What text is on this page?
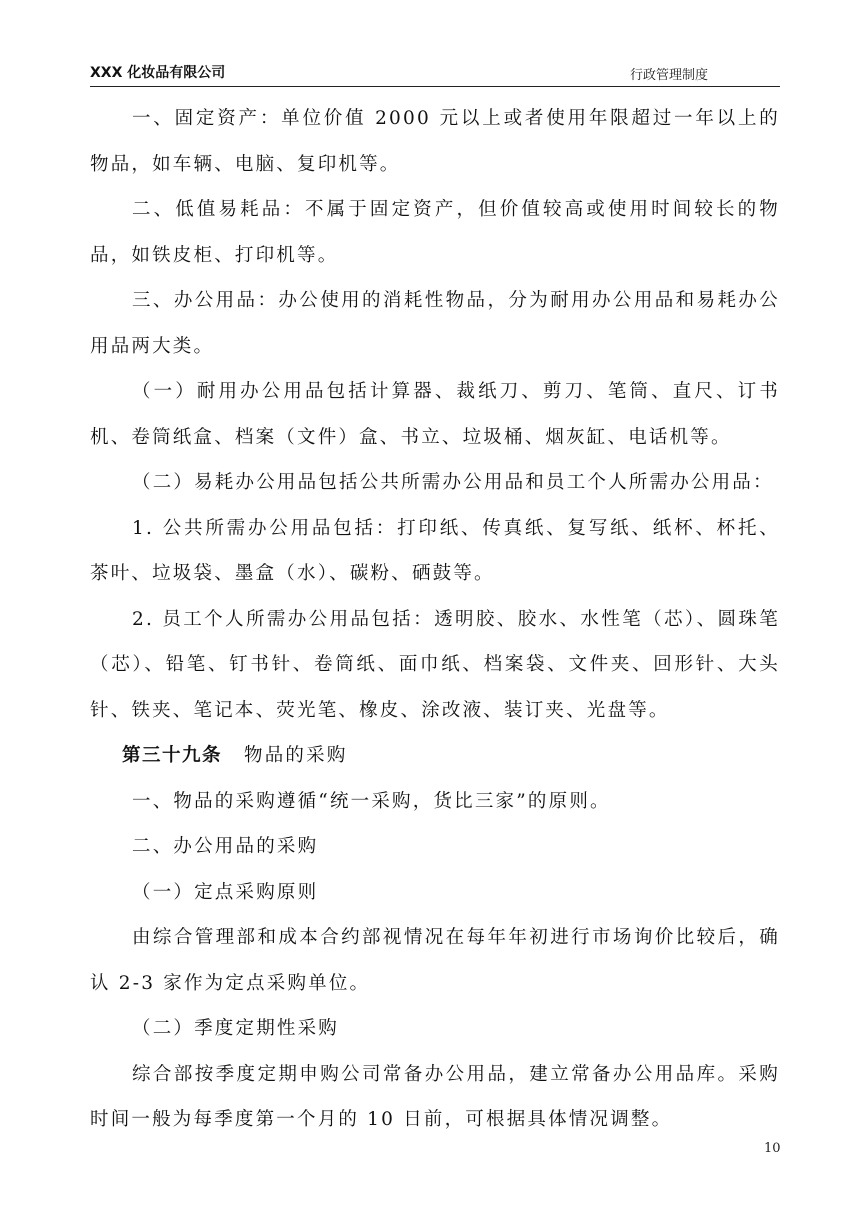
XXX 化妆品有限公司	行政管理制度

一、固定资产：单位价值 2000 元以上或者使用年限超过一年以上的物品，如车辆、电脑、复印机等。

二、低值易耗品：不属于固定资产，但价值较高或使用时间较长的物品，如铁皮柜、打印机等。

三、办公用品：办公使用的消耗性物品，分为耐用办公用品和易耗办公用品两大类。

（一）耐用办公用品包括计算器、裁纸刀、剪刀、笔筒、直尺、订书机、卷筒纸盒、档案（文件）盒、书立、垃圾桶、烟灰缸、电话机等。

（二）易耗办公用品包括公共所需办公用品和员工个人所需办公用品：

1. 公共所需办公用品包括：打印纸、传真纸、复写纸、纸杯、杯托、茶叶、垃圾袋、墨盒（水）、碳粉、硒鼓等。

2. 员工个人所需办公用品包括：透明胶、胶水、水性笔（芯）、圆珠笔（芯）、铅笔、钉书针、卷筒纸、面巾纸、档案袋、文件夹、回形针、大头针、铁夹、笔记本、荧光笔、橡皮、涂改液、装订夹、光盘等。

第三十九条 物品的采购

一、物品的采购遵循“统一采购，货比三家”的原则。

二、办公用品的采购

（一）定点采购原则

由综合管理部和成本合约部视情况在每年年初进行市场询价比较后，确认 2-3 家作为定点采购单位。

（二）季度定期性采购

综合部按季度定期申购公司常备办公用品，建立常备办公用品库。采购时间一般为每季度第一个月的 10 日前，可根据具体情况调整。

10
